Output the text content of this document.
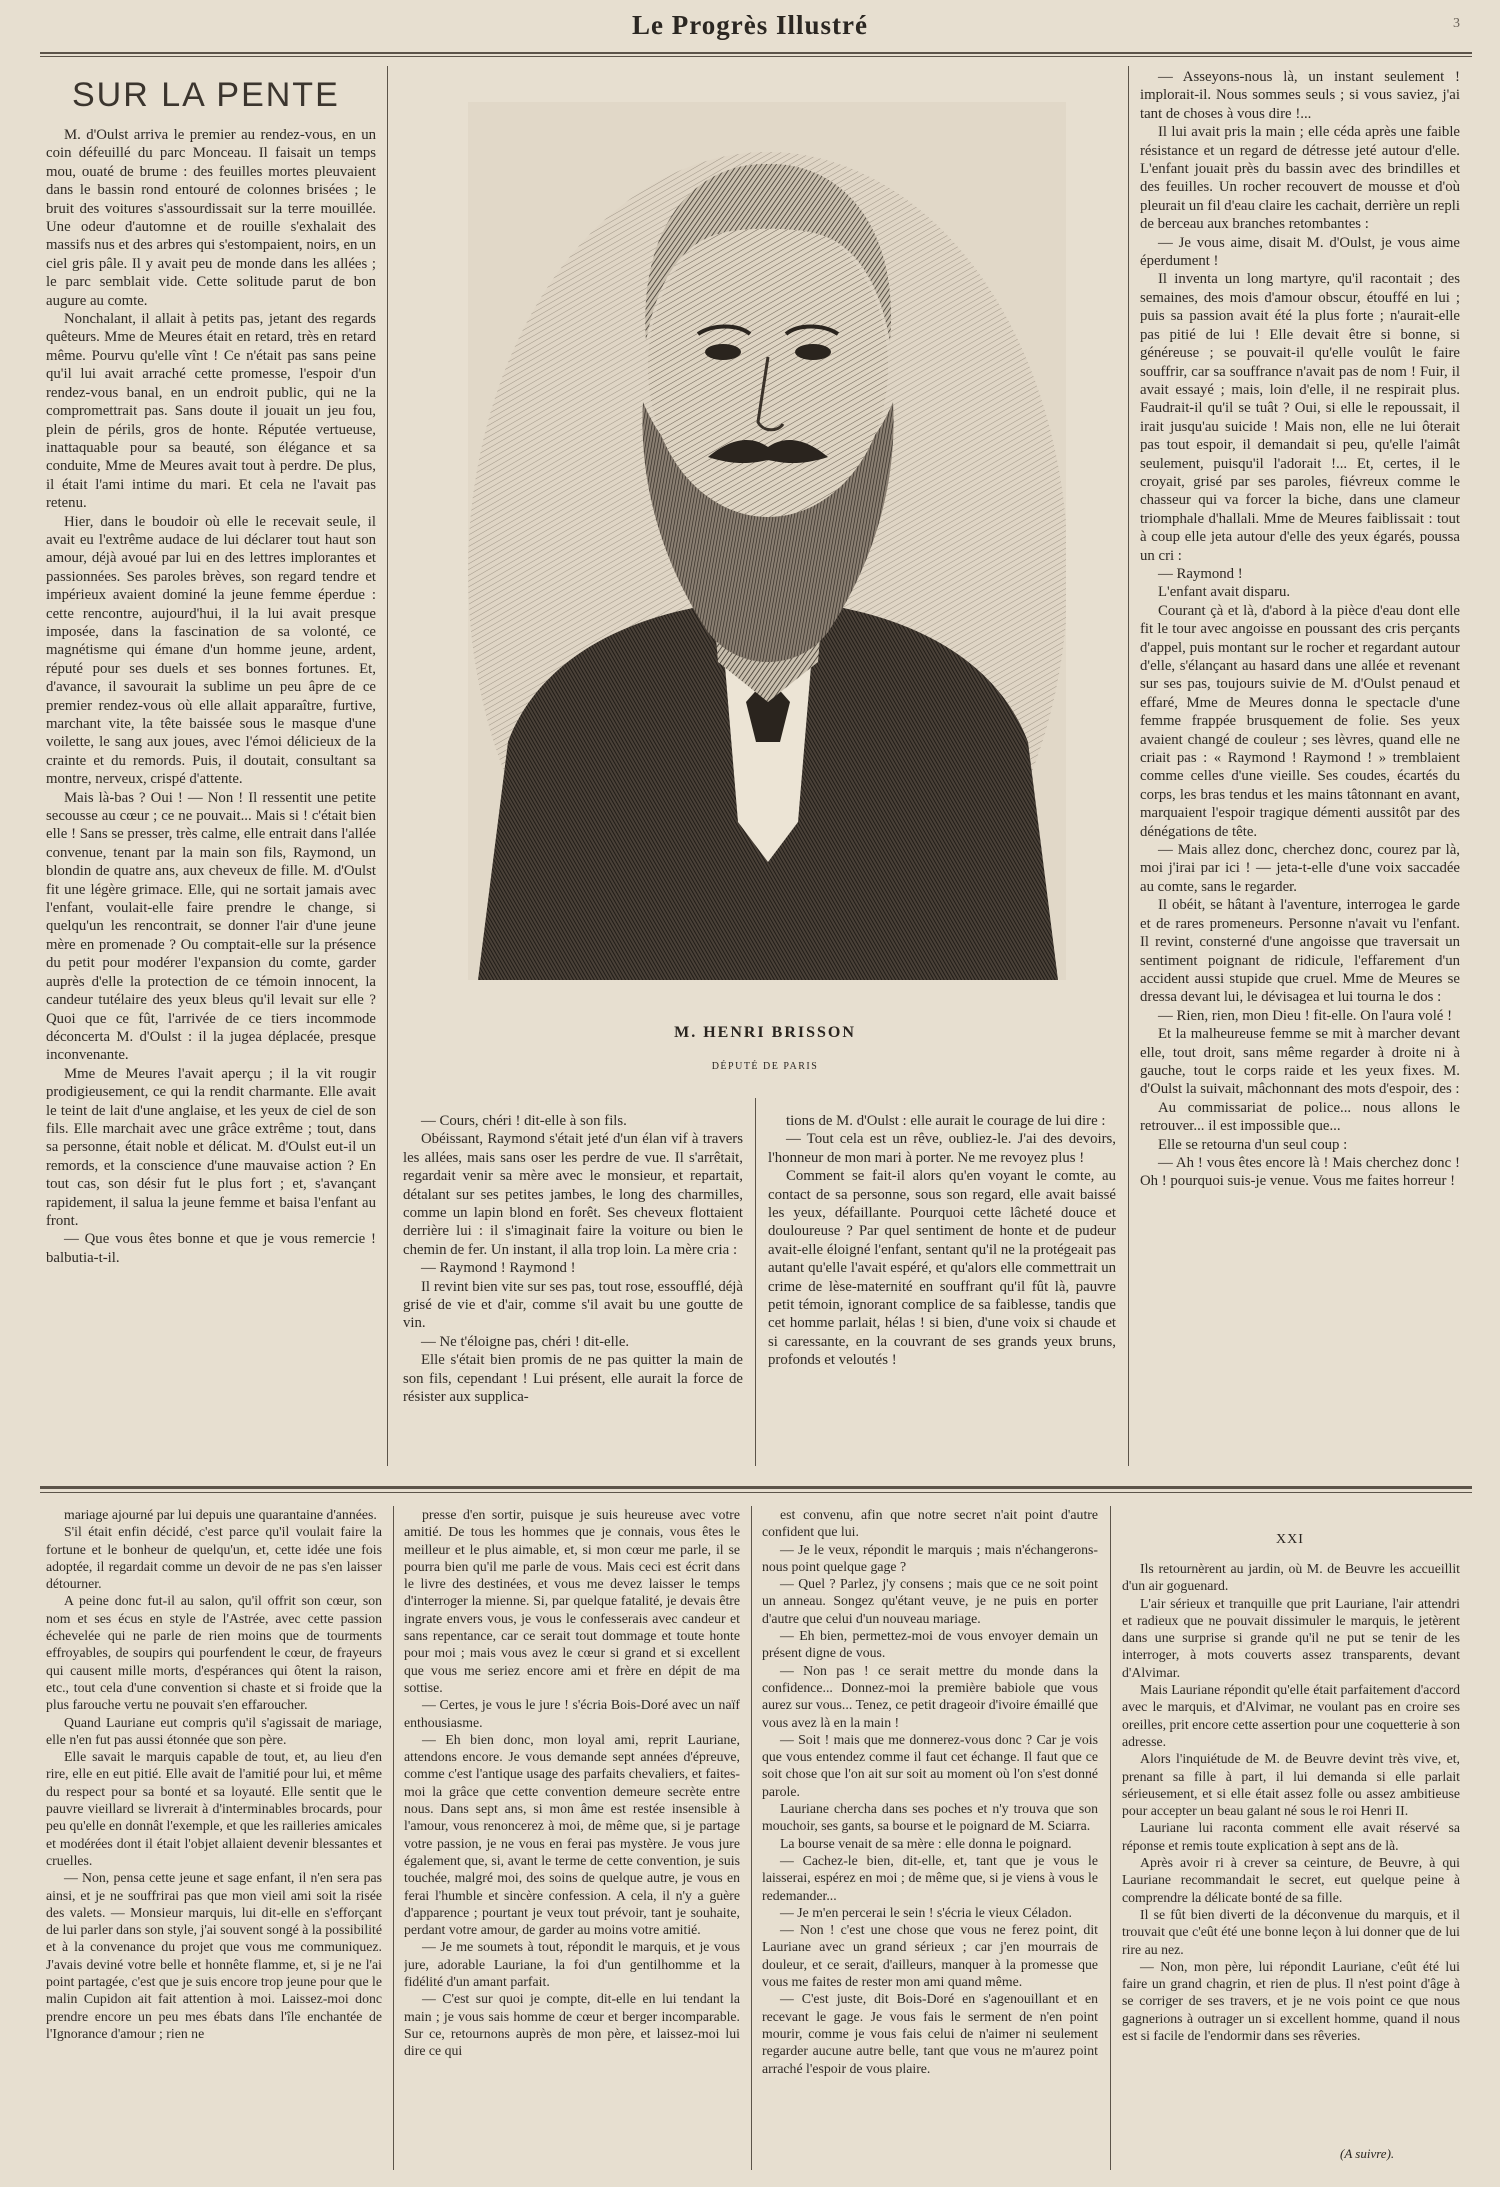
Le Progrès Illustré	3
SUR LA PENTE

M. d'Oulst arriva le premier au rendez-vous, en un coin défeuillé du parc Monceau. Il faisait un temps mou, ouaté de brume : des feuilles mortes pleuvaient dans le bassin rond entouré de colonnes brisées ; le bruit des voitures s'assourdissait sur la terre mouillée. Une odeur d'automne et de rouille s'exhalait des massifs nus et des arbres qui s'estompaient, noirs, en un ciel gris pâle. Il y avait peu de monde dans les allées ; le parc semblait vide. Cette solitude parut de bon augure au comte.

Nonchalant, il allait à petits pas, jetant des regards quêteurs. Mme de Meures était en retard, très en retard même. Pourvu qu'elle vînt ! Ce n'était pas sans peine qu'il lui avait arraché cette promesse, l'espoir d'un rendez-vous banal, en un endroit public, qui ne la compromettrait pas. Sans doute il jouait un jeu fou, plein de périls, gros de honte. Réputée vertueuse, inattaquable pour sa beauté, son élégance et sa conduite, Mme de Meures avait tout à perdre. De plus, il était l'ami intime du mari. Et cela ne l'avait pas retenu.

Hier, dans le boudoir où elle le recevait seule, il avait eu l'extrême audace de lui déclarer tout haut son amour, déjà avoué par lui en des lettres implorantes et passionnées. Ses paroles brèves, son regard tendre et impérieux avaient dominé la jeune femme éperdue : cette rencontre, aujourd'hui, il la lui avait presque imposée, dans la fascination de sa volonté, ce magnétisme qui émane d'un homme jeune, ardent, réputé pour ses duels et ses bonnes fortunes. Et, d'avance, il savourait la sublime un peu âpre de ce premier rendez-vous où elle allait apparaître, furtive, marchant vite, la tête baissée sous le masque d'une voilette, le sang aux joues, avec l'émoi délicieux de la crainte et du remords. Puis, il doutait, consultant sa montre, nerveux, crispé d'attente.

Mais là-bas ? Oui ! — Non ! Il ressentit une petite secousse au cœur ; ce ne pouvait... Mais si ! c'était bien elle ! Sans se presser, très calme, elle entrait dans l'allée convenue, tenant par la main son fils, Raymond, un blondin de quatre ans, aux cheveux de fille. M. d'Oulst fit une légère grimace. Elle, qui ne sortait jamais avec l'enfant, voulait-elle faire prendre le change, si quelqu'un les rencontrait, se donner l'air d'une jeune mère en promenade ? Ou comptait-elle sur la présence du petit pour modérer l'expansion du comte, garder auprès d'elle la protection de ce témoin innocent, la candeur tutélaire des yeux bleus qu'il levait sur elle ? Quoi que ce fût, l'arrivée de ce tiers incommode déconcerta M. d'Oulst : il la jugea déplacée, presque inconvenante.

Mme de Meures l'avait aperçu ; il la vit rougir prodigieusement, ce qui la rendit charmante. Elle avait le teint de lait d'une anglaise, et les yeux de ciel de son fils. Elle marchait avec une grâce extrême ; tout, dans sa personne, était noble et délicat. M. d'Oulst eut-il un remords, et la conscience d'une mauvaise action ? En tout cas, son désir fut le plus fort ; et, s'avançant rapidement, il salua la jeune femme et baisa l'enfant au front.

— Que vous êtes bonne et que je vous remercie ! balbutia-t-il.

M. HENRI BRISSON
DÉPUTÉ DE PARIS

— Cours, chéri ! dit-elle à son fils.

Obéissant, Raymond s'était jeté d'un élan vif à travers les allées, mais sans oser les perdre de vue. Il s'arrêtait, regardait venir sa mère avec le monsieur, et repartait, détalant sur ses petites jambes, le long des charmilles, comme un lapin blond en forêt. Ses cheveux flottaient derrière lui : il s'imaginait faire la voiture ou bien le chemin de fer. Un instant, il alla trop loin. La mère cria :

— Raymond ! Raymond !

Il revint bien vite sur ses pas, tout rose, essoufflé, déjà grisé de vie et d'air, comme s'il avait bu une goutte de vin.

— Ne t'éloigne pas, chéri ! dit-elle.

Elle s'était bien promis de ne pas quitter la main de son fils, cependant ! Lui présent, elle aurait la force de résister aux supplica-

tions de M. d'Oulst : elle aurait le courage de lui dire :

— Tout cela est un rêve, oubliez-le. J'ai des devoirs, l'honneur de mon mari à porter. Ne me revoyez plus !

Comment se fait-il alors qu'en voyant le comte, au contact de sa personne, sous son regard, elle avait baissé les yeux, défaillante. Pourquoi cette lâcheté douce et douloureuse ? Par quel sentiment de honte et de pudeur avait-elle éloigné l'enfant, sentant qu'il ne la protégeait pas autant qu'elle l'avait espéré, et qu'alors elle commettrait un crime de lèse-maternité en souffrant qu'il fût là, pauvre petit témoin, ignorant complice de sa faiblesse, tandis que cet homme parlait, hélas ! si bien, d'une voix si chaude et si caressante, en la couvrant de ses grands yeux bruns, profonds et veloutés !

— Asseyons-nous là, un instant seulement ! implorait-il. Nous sommes seuls ; si vous saviez, j'ai tant de choses à vous dire !...

Il lui avait pris la main ; elle céda après une faible résistance et un regard de détresse jeté autour d'elle. L'enfant jouait près du bassin avec des brindilles et des feuilles. Un rocher recouvert de mousse et d'où pleurait un fil d'eau claire les cachait, derrière un repli de berceau aux branches retombantes :

— Je vous aime, disait M. d'Oulst, je vous aime éperdument !

Il inventa un long martyre, qu'il racontait ; des semaines, des mois d'amour obscur, étouffé en lui ; puis sa passion avait été la plus forte ; n'aurait-elle pas pitié de lui ! Elle devait être si bonne, si généreuse ; se pouvait-il qu'elle voulût le faire souffrir, car sa souffrance n'avait pas de nom ! Fuir, il avait essayé ; mais, loin d'elle, il ne respirait plus. Faudrait-il qu'il se tuât ? Oui, si elle le repoussait, il irait jusqu'au suicide ! Mais non, elle ne lui ôterait pas tout espoir, il demandait si peu, qu'elle l'aimât seulement, puisqu'il l'adorait !... Et, certes, il le croyait, grisé par ses paroles, fiévreux comme le chasseur qui va forcer la biche, dans une clameur triomphale d'hallali. Mme de Meures faiblissait : tout à coup elle jeta autour d'elle des yeux égarés, poussa un cri :

— Raymond !

L'enfant avait disparu.

Courant çà et là, d'abord à la pièce d'eau dont elle fit le tour avec angoisse en poussant des cris perçants d'appel, puis montant sur le rocher et regardant autour d'elle, s'élançant au hasard dans une allée et revenant sur ses pas, toujours suivie de M. d'Oulst penaud et effaré, Mme de Meures donna le spectacle d'une femme frappée brusquement de folie. Ses yeux avaient changé de couleur ; ses lèvres, quand elle ne criait pas : « Raymond ! Raymond ! » tremblaient comme celles d'une vieille. Ses coudes, écartés du corps, les bras tendus et les mains tâtonnant en avant, marquaient l'espoir tragique démenti aussitôt par des dénégations de tête.

— Mais allez donc, cherchez donc, courez par là, moi j'irai par ici ! — jeta-t-elle d'une voix saccadée au comte, sans le regarder.

Il obéit, se hâtant à l'aventure, interrogea le garde et de rares promeneurs. Personne n'avait vu l'enfant. Il revint, consterné d'une angoisse que traversait un sentiment poignant de ridicule, l'effarement d'un accident aussi stupide que cruel. Mme de Meures se dressa devant lui, le dévisagea et lui tourna le dos :

— Rien, rien, mon Dieu ! fit-elle. On l'aura volé !

Et la malheureuse femme se mit à marcher devant elle, tout droit, sans même regarder à droite ni à gauche, tout le corps raide et les yeux fixes. M. d'Oulst la suivait, mâchonnant des mots d'espoir, des :

Au commissariat de police... nous allons le retrouver... il est impossible que...

Elle se retourna d'un seul coup :

— Ah ! vous êtes encore là ! Mais cherchez donc ! Oh ! pourquoi suis-je venue. Vous me faites horreur !

mariage ajourné par lui depuis une quarantaine d'années.

S'il était enfin décidé, c'est parce qu'il voulait faire la fortune et le bonheur de quelqu'un, et, cette idée une fois adoptée, il regardait comme un devoir de ne pas s'en laisser détourner.

A peine donc fut-il au salon, qu'il offrit son cœur, son nom et ses écus en style de l'Astrée, avec cette passion échevelée qui ne parle de rien moins que de tourments effroyables, de soupirs qui pourfendent le cœur, de frayeurs qui causent mille morts, d'espérances qui ôtent la raison, etc., tout cela d'une convention si chaste et si froide que la plus farouche vertu ne pouvait s'en effaroucher.

Quand Lauriane eut compris qu'il s'agissait de mariage, elle n'en fut pas aussi étonnée que son père.

Elle savait le marquis capable de tout, et, au lieu d'en rire, elle en eut pitié. Elle avait de l'amitié pour lui, et même du respect pour sa bonté et sa loyauté. Elle sentit que le pauvre vieillard se livrerait à d'interminables brocards, pour peu qu'elle en donnât l'exemple, et que les railleries amicales et modérées dont il était l'objet allaient devenir blessantes et cruelles.

— Non, pensa cette jeune et sage enfant, il n'en sera pas ainsi, et je ne souffrirai pas que mon vieil ami soit la risée des valets. — Monsieur marquis, lui dit-elle en s'efforçant de lui parler dans son style, j'ai souvent songé à la possibilité et à la convenance du projet que vous me communiquez. J'avais deviné votre belle et honnête flamme, et, si je ne l'ai point partagée, c'est que je suis encore trop jeune pour que le malin Cupidon ait fait attention à moi. Laissez-moi donc prendre encore un peu mes ébats dans l'île enchantée de l'Ignorance d'amour ; rien ne

presse d'en sortir, puisque je suis heureuse avec votre amitié. De tous les hommes que je connais, vous êtes le meilleur et le plus aimable, et, si mon cœur me parle, il se pourra bien qu'il me parle de vous. Mais ceci est écrit dans le livre des destinées, et vous me devez laisser le temps d'interroger la mienne. Si, par quelque fatalité, je devais être ingrate envers vous, je vous le confesserais avec candeur et sans repentance, car ce serait tout dommage et toute honte pour moi ; mais vous avez le cœur si grand et si excellent que vous me seriez encore ami et frère en dépit de ma sottise.

— Certes, je vous le jure ! s'écria Bois-Doré avec un naïf enthousiasme.

— Eh bien donc, mon loyal ami, reprit Lauriane, attendons encore. Je vous demande sept années d'épreuve, comme c'est l'antique usage des parfaits chevaliers, et faites-moi la grâce que cette convention demeure secrète entre nous. Dans sept ans, si mon âme est restée insensible à l'amour, vous renoncerez à moi, de même que, si je partage votre passion, je ne vous en ferai pas mystère. Je vous jure également que, si, avant le terme de cette convention, je suis touchée, malgré moi, des soins de quelque autre, je vous en ferai l'humble et sincère confession. A cela, il n'y a guère d'apparence ; pourtant je veux tout prévoir, tant je souhaite, perdant votre amour, de garder au moins votre amitié.

— Je me soumets à tout, répondit le marquis, et je vous jure, adorable Lauriane, la foi d'un gentilhomme et la fidélité d'un amant parfait.

— C'est sur quoi je compte, dit-elle en lui tendant la main ; je vous sais homme de cœur et berger incomparable. Sur ce, retournons auprès de mon père, et laissez-moi lui dire ce qui

est convenu, afin que notre secret n'ait point d'autre confident que lui.

— Je le veux, répondit le marquis ; mais n'échangerons-nous point quelque gage ?

— Quel ? Parlez, j'y consens ; mais que ce ne soit point un anneau. Songez qu'étant veuve, je ne puis en porter d'autre que celui d'un nouveau mariage.

— Eh bien, permettez-moi de vous envoyer demain un présent digne de vous.

— Non pas ! ce serait mettre du monde dans la confidence... Donnez-moi la première babiole que vous aurez sur vous... Tenez, ce petit drageoir d'ivoire émaillé que vous avez là en la main !

— Soit ! mais que me donnerez-vous donc ? Car je vois que vous entendez comme il faut cet échange. Il faut que ce soit chose que l'on ait sur soit au moment où l'on s'est donné parole.

Lauriane chercha dans ses poches et n'y trouva que son mouchoir, ses gants, sa bourse et le poignard de M. Sciarra.

La bourse venait de sa mère : elle donna le poignard.

— Cachez-le bien, dit-elle, et, tant que je vous le laisserai, espérez en moi ; de même que, si je viens à vous le redemander...

— Je m'en percerai le sein ! s'écria le vieux Céladon.

— Non ! c'est une chose que vous ne ferez point, dit Lauriane avec un grand sérieux ; car j'en mourrais de douleur, et ce serait, d'ailleurs, manquer à la promesse que vous me faites de rester mon ami quand même.

— C'est juste, dit Bois-Doré en s'agenouillant et en recevant le gage. Je vous fais le serment de n'en point mourir, comme je vous fais celui de n'aimer ni seulement regarder aucune autre belle, tant que vous ne m'aurez point arraché l'espoir de vous plaire.

XXI

Ils retournèrent au jardin, où M. de Beuvre les accueillit d'un air goguenard.

L'air sérieux et tranquille que prit Lauriane, l'air attendri et radieux que ne pouvait dissimuler le marquis, le jetèrent dans une surprise si grande qu'il ne put se tenir de les interroger, à mots couverts assez transparents, devant d'Alvimar.

Mais Lauriane répondit qu'elle était parfaitement d'accord avec le marquis, et d'Alvimar, ne voulant pas en croire ses oreilles, prit encore cette assertion pour une coquetterie à son adresse.

Alors l'inquiétude de M. de Beuvre devint très vive, et, prenant sa fille à part, il lui demanda si elle parlait sérieusement, et si elle était assez folle ou assez ambitieuse pour accepter un beau galant né sous le roi Henri II.

Lauriane lui raconta comment elle avait réservé sa réponse et remis toute explication à sept ans de là.

Après avoir ri à crever sa ceinture, de Beuvre, à qui Lauriane recommandait le secret, eut quelque peine à comprendre la délicate bonté de sa fille.

Il se fût bien diverti de la déconvenue du marquis, et il trouvait que c'eût été une bonne leçon à lui donner que de lui rire au nez.

— Non, mon père, lui répondit Lauriane, c'eût été lui faire un grand chagrin, et rien de plus. Il n'est point d'âge à se corriger de ses travers, et je ne vois point ce que nous gagnerions à outrager un si excellent homme, quand il nous est si facile de l'endormir dans ses rêveries.

(A suivre).
